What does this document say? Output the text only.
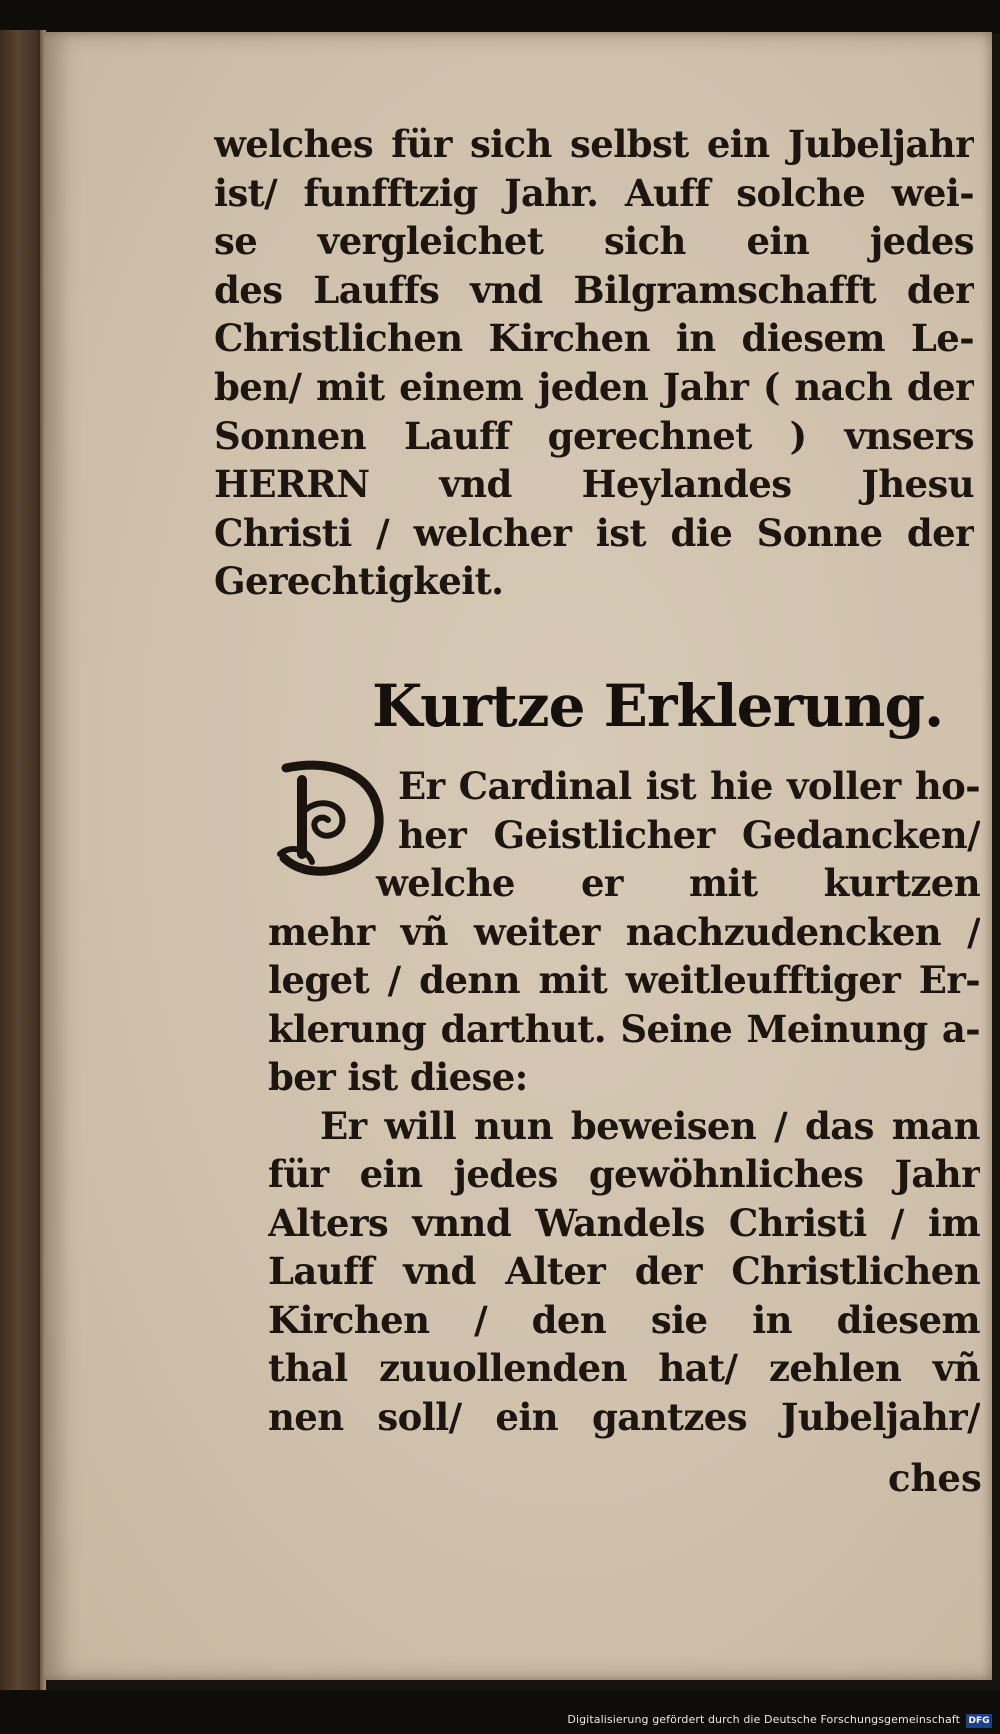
welches für sich selbst ein Jubeljahr
ist/ funfftzig Jahr. Auff solche wei-
se vergleichet sich ein jedes
des Lauffs vnd Bilgramschafft der
Christlichen Kirchen in diesem Le-
ben/ mit einem jeden Jahr ( nach der
Sonnen Lauff gerechnet ) vnsers
HERRN vnd Heylandes Jhesu
Christi / welcher ist die Sonne der
Gerechtigkeit.
Kurtze Erklerung.
Er Cardinal ist hie voller ho-
her Geistlicher Gedancken/
welche er mit kurtzen
mehr vñ weiter nachzudencken /
leget / denn mit weitleufftiger Er-
klerung darthut. Seine Meinung a-
ber ist diese:
Er will nun beweisen / das man
für ein jedes gewöhnliches Jahr
Alters vnnd Wandels Christi / im
Lauff vnd Alter der Christlichen
Kirchen / den sie in diesem
thal zuuollenden hat/ zehlen vñ
nen soll/ ein gantzes Jubeljahr/
ches
Digitalisierung gefördert durch die Deutsche Forschungsgemeinschaft DFG
